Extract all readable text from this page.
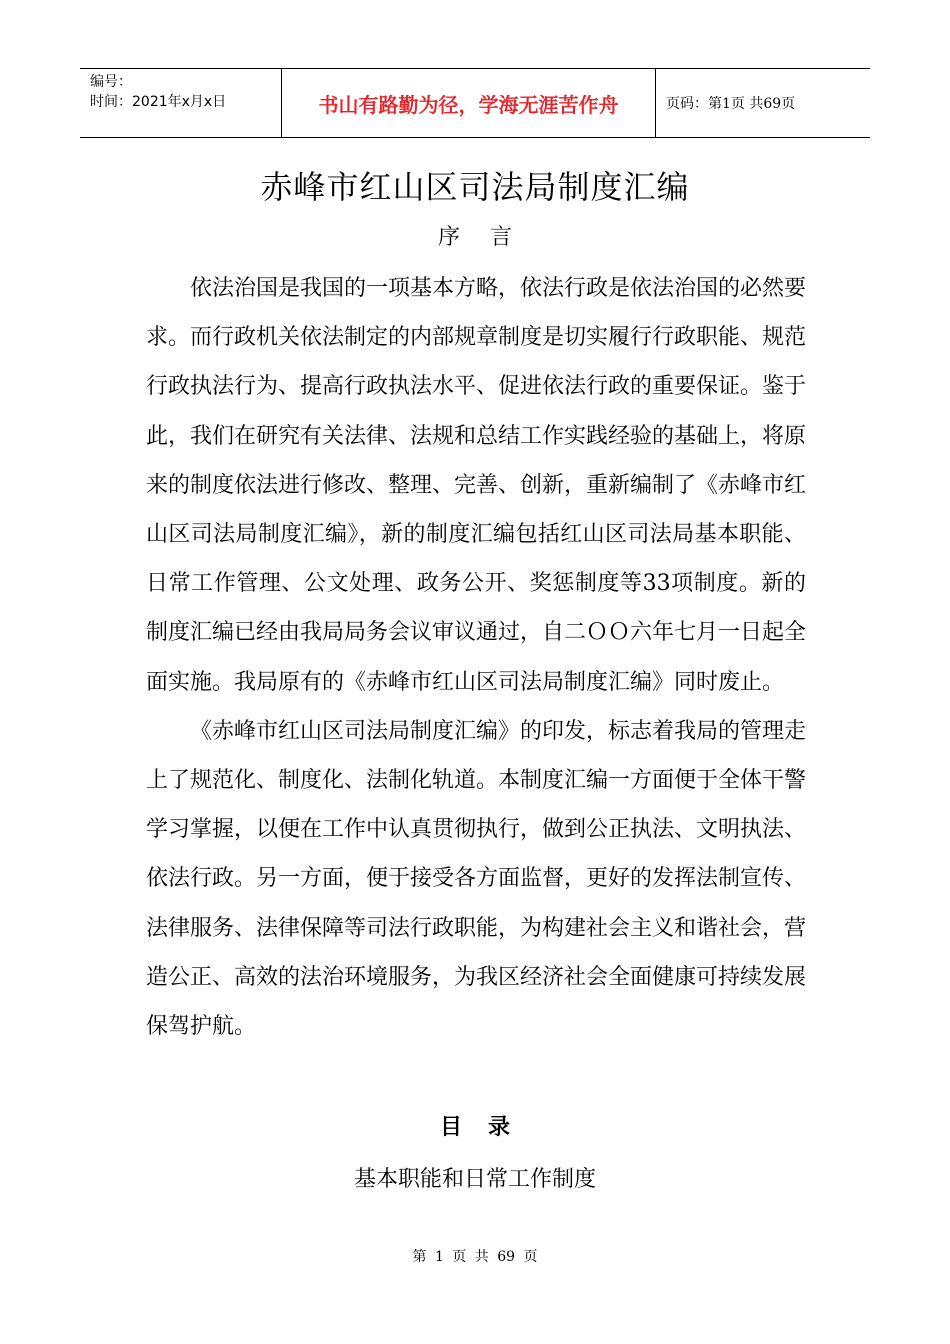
编号：
时间：2021年x月x日	书山有路勤为径，学海无涯苦作舟	页码：第1页 共69页
赤峰市红山区司法局制度汇编
序言

依法治国是我国的一项基本方略，依法行政是依法治国的必然要求。而行政机关依法制定的内部规章制度是切实履行行政职能、规范行政执法行为、提高行政执法水平、促进依法行政的重要保证。鉴于此，我们在研究有关法律、法规和总结工作实践经验的基础上，将原来的制度依法进行修改、整理、完善、创新，重新编制了《赤峰市红山区司法局制度汇编》，新的制度汇编包括红山区司法局基本职能、日常工作管理、公文处理、政务公开、奖惩制度等33项制度。新的制度汇编已经由我局局务会议审议通过，自二ＯＯ六年七月一日起全面实施。我局原有的《赤峰市红山区司法局制度汇编》同时废止。

《赤峰市红山区司法局制度汇编》的印发，标志着我局的管理走上了规范化、制度化、法制化轨道。本制度汇编一方面便于全体干警学习掌握，以便在工作中认真贯彻执行，做到公正执法、文明执法、依法行政。另一方面，便于接受各方面监督，更好的发挥法制宣传、法律服务、法律保障等司法行政职能，为构建社会主义和谐社会，营造公正、高效的法治环境服务，为我区经济社会全面健康可持续发展保驾护航。

目录
基本职能和日常工作制度
第 1 页 共 69 页
